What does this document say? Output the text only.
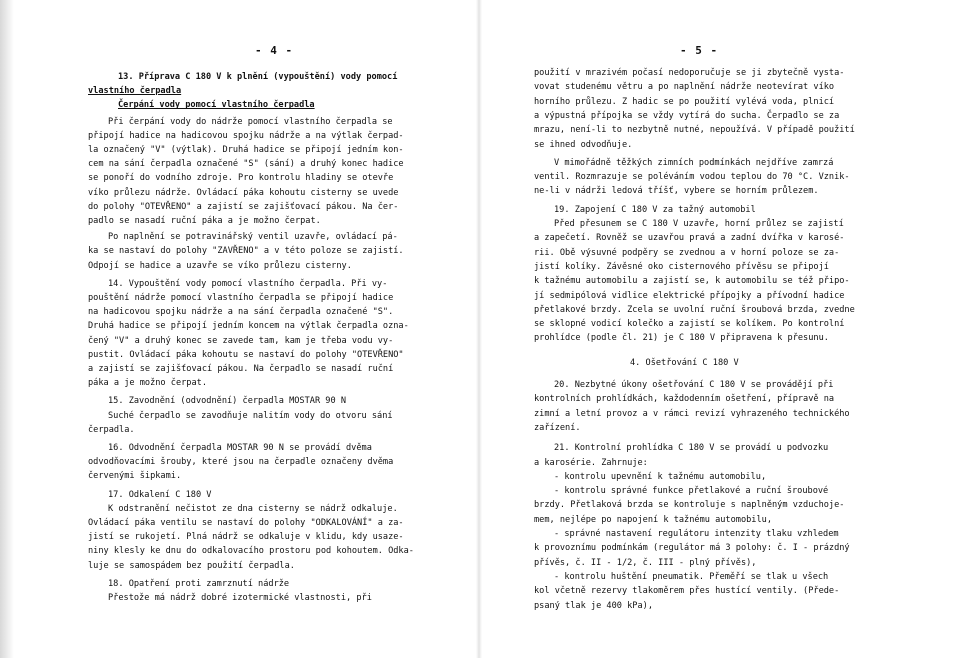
- 4 -
13. Příprava C 180 V k plnění (vypouštění) vody pomocí
vlastního čerpadla
Čerpání vody pomocí vlastního čerpadla
Při čerpání vody do nádrže pomocí vlastního čerpadla se
připojí hadice na hadicovou spojku nádrže a na výtlak čerpad-
la označený "V" (výtlak). Druhá hadice se připojí jedním kon-
cem na sání čerpadla označené "S" (sání) a druhý konec hadice
se ponoří do vodního zdroje. Pro kontrolu hladiny se otevře
víko průlezu nádrže. Ovládací páka kohoutu cisterny se uvede
do polohy "OTEVŘENO" a zajistí se zajišťovací pákou. Na čer-
padlo se nasadí ruční páka a je možno čerpat.
Po naplnění se potravinářský ventil uzavře, ovládací pá-
ka se nastaví do polohy "ZAVŘENO" a v této poloze se zajistí.
Odpojí se hadice a uzavře se víko průlezu cisterny.
14. Vypouštění vody pomocí vlastního čerpadla. Při vy-
pouštění nádrže pomocí vlastního čerpadla se připojí hadice
na hadicovou spojku nádrže a na sání čerpadla označené "S".
Druhá hadice se připojí jedním koncem na výtlak čerpadla ozna-
čený "V" a druhý konec se zavede tam, kam je třeba vodu vy-
pustit. Ovládací páka kohoutu se nastaví do polohy "OTEVŘENO"
a zajistí se zajišťovací pákou. Na čerpadlo se nasadí ruční
páka a je možno čerpat.
15. Zavodnění (odvodnění) čerpadla MOSTAR 90 N
Suché čerpadlo se zavodňuje nalitím vody do otvoru sání
čerpadla.
16. Odvodnění čerpadla MOSTAR 90 N se provádí dvěma
odvodňovacími šrouby, které jsou na čerpadle označeny dvěma
červenými šipkami.
17. Odkalení C 180 V
K odstranění nečistot ze dna cisterny se nádrž odkaluje.
Ovládací páka ventilu se nastaví do polohy "ODKALOVÁNÍ" a za-
jistí se rukojetí. Plná nádrž se odkaluje v klidu, kdy usaze-
niny klesly ke dnu do odkalovacího prostoru pod kohoutem. Odka-
luje se samospádem bez použití čerpadla.
18. Opatření proti zamrznutí nádrže
Přestože má nádrž dobré izotermické vlastnosti, při
- 5 -
použití v mrazivém počasí nedoporučuje se ji zbytečně vysta-
vovat studenému větru a po naplnění nádrže neotevírat víko
horního průlezu. Z hadic se po použití vylévá voda, plnicí
a výpustná přípojka se vždy vytírá do sucha. Čerpadlo se za
mrazu, není-li to nezbytně nutné, nepoužívá. V případě použití
se ihned odvodňuje.
V mimořádně těžkých zimních podmínkách nejdříve zamrzá
ventil. Rozmrazuje se poléváním vodou teplou do 70 °C. Vznik-
ne-li v nádrži ledová tříšť, vybere se horním průlezem.
19. Zapojení C 180 V za tažný automobil
Před přesunem se C 180 V uzavře, horní průlez se zajistí
a zapečetí. Rovněž se uzavřou pravá a zadní dvířka v karosé-
rii. Obě výsuvné podpěry se zvednou a v horní poloze se za-
jistí kolíky. Závěsné oko cisternového přívěsu se připojí
k tažnému automobilu a zajistí se, k automobilu se též připo-
jí sedmipólová vidlice elektrické přípojky a přívodní hadice
přetlakové brzdy. Zcela se uvolní ruční šroubová brzda, zvedne
se sklopné vodicí kolečko a zajistí se kolíkem. Po kontrolní
prohlídce (podle čl. 21) je C 180 V připravena k přesunu.
4. Ošetřování C 180 V
20. Nezbytné úkony ošetřování C 180 V se provádějí při
kontrolních prohlídkách, každodenním ošetření, přípravě na
zimní a letní provoz a v rámci revizí vyhrazeného technického
zařízení.
21. Kontrolní prohlídka C 180 V se provádí u podvozku
a karosérie. Zahrnuje:
- kontrolu upevnění k tažnému automobilu,
- kontrolu správné funkce přetlakové a ruční šroubové
brzdy. Přetlaková brzda se kontroluje s naplněným vzduchoje-
mem, nejlépe po napojení k tažnému automobilu,
- správné nastavení regulátoru intenzity tlaku vzhledem
k provoznímu podmínkám (regulátor má 3 polohy: č. I - prázdný
přívěs, č. II - 1/2, č. III - plný přívěs),
- kontrolu huštění pneumatik. Přeměří se tlak u všech
kol včetně rezervy tlakoměrem přes hustící ventily. (Přede-
psaný tlak je 400 kPa),
